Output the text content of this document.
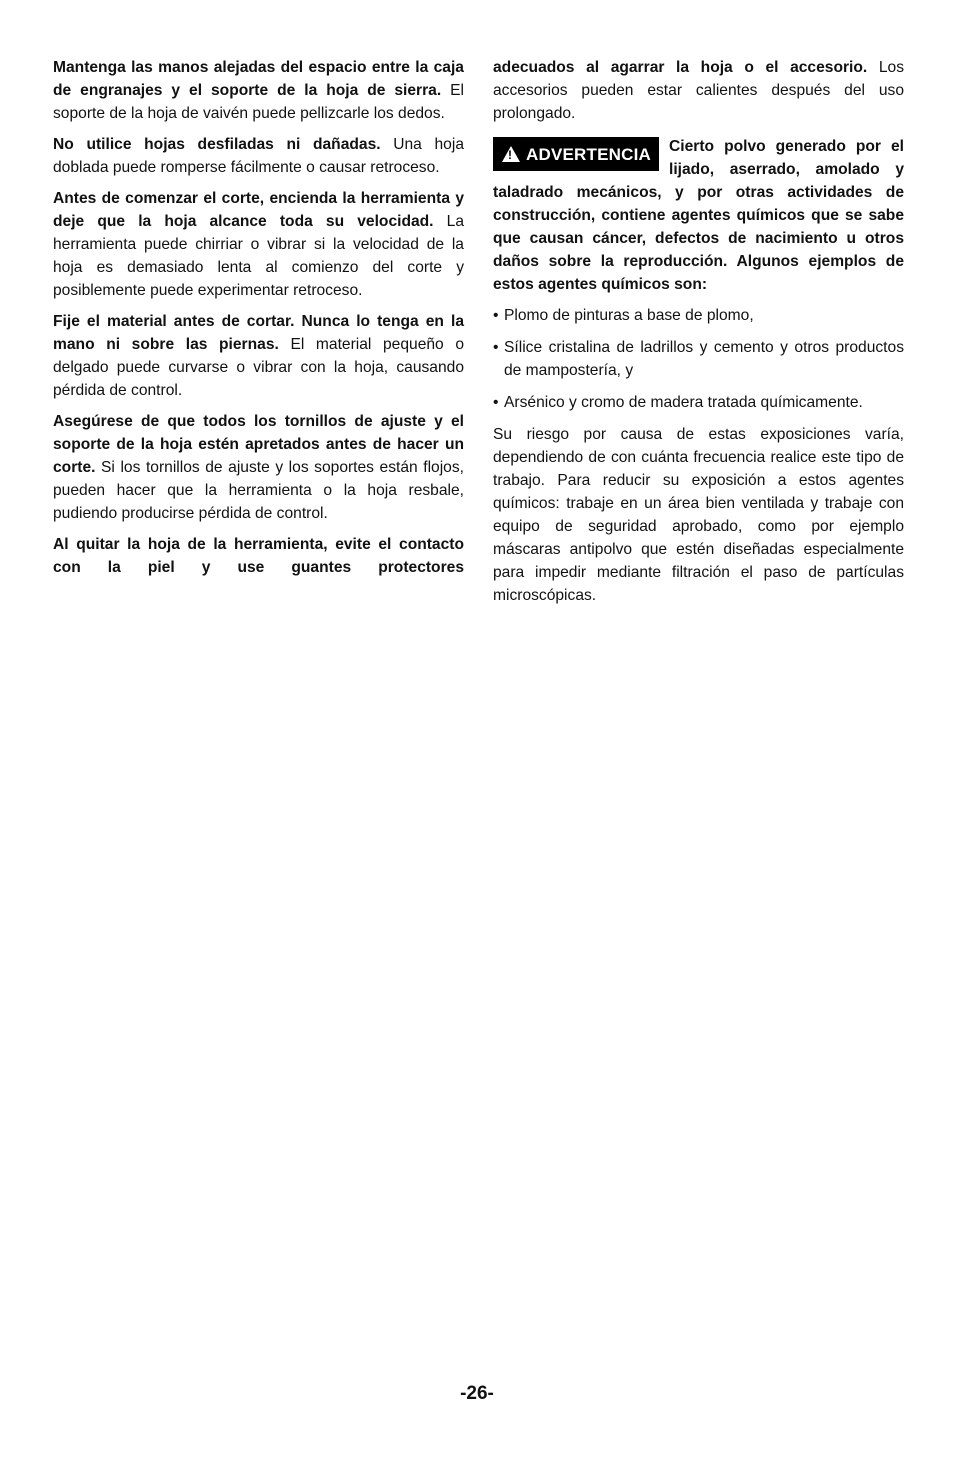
Mantenga las manos alejadas del espacio entre la caja de engranajes y el soporte de la hoja de sierra. El soporte de la hoja de vaivén puede pellizcarle los dedos.

No utilice hojas desfiladas ni dañadas. Una hoja doblada puede romperse fácilmente o causar retroceso.

Antes de comenzar el corte, encienda la herramienta y deje que la hoja alcance toda su velocidad. La herramienta puede chirriar o vibrar si la velocidad de la hoja es demasiado lenta al comienzo del corte y posiblemente puede experimentar retroceso.

Fije el material antes de cortar. Nunca lo tenga en la mano ni sobre las piernas. El material pequeño o delgado puede curvarse o vibrar con la hoja, causando pérdida de control.

Asegúrese de que todos los tornillos de ajuste y el soporte de la hoja estén apretados antes de hacer un corte. Si los tornillos de ajuste y los soportes están flojos, pueden hacer que la herramienta o la hoja resbale, pudiendo producirse pérdida de control.

Al quitar la hoja de la herramienta, evite el contacto con la piel y use guantes protectores

adecuados al agarrar la hoja o el accesorio. Los accesorios pueden estar calientes después del uso prolongado.

!
ADVERTENCIA Cierto polvo generado por el lijado, aserrado, amolado y taladrado mecánicos, y por otras actividades de construcción, contiene agentes químicos que se sabe que causan cáncer, defectos de nacimiento u otros daños sobre la reproducción. Algunos ejemplos de estos agentes químicos son:
• Plomo de pinturas a base de plomo,
• Sílice cristalina de ladrillos y cemento y otros productos de mampostería, y
• Arsénico y cromo de madera tratada químicamente.

Su riesgo por causa de estas exposiciones varía, dependiendo de con cuánta frecuencia realice este tipo de trabajo. Para reducir su exposición a estos agentes químicos: trabaje en un área bien ventilada y trabaje con equipo de seguridad aprobado, como por ejemplo máscaras antipolvo que estén diseñadas especialmente para impedir mediante filtración el paso de partículas microscópicas.

-26-
